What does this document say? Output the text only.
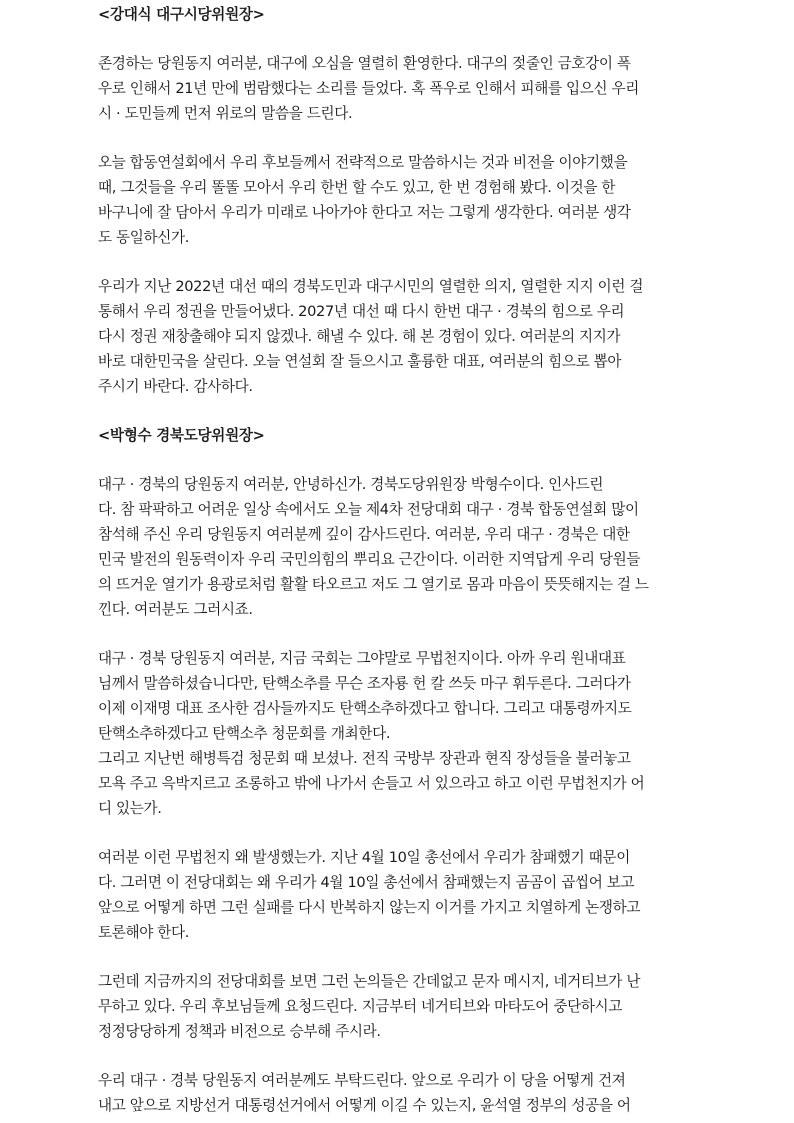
<강대식 대구시당위원장>
존경하는 당원동지 여러분, 대구에 오심을 열렬히 환영한다. 대구의 젖줄인 금호강이 폭
우로 인해서 21년 만에 범람했다는 소리를 들었다. 혹 폭우로 인해서 피해를 입으신 우리
시 · 도민들께 먼저 위로의 말씀을 드린다.
오늘 합동연설회에서 우리 후보들께서 전략적으로 말씀하시는 것과 비전을 이야기했을
때, 그것들을 우리 똘똘 모아서 우리 한번 할 수도 있고, 한 번 경험해 봤다. 이것을 한
바구니에 잘 담아서 우리가 미래로 나아가야 한다고 저는 그렇게 생각한다. 여러분 생각
도 동일하신가.
우리가 지난 2022년 대선 때의 경북도민과 대구시민의 열렬한 의지, 열렬한 지지 이런 걸
통해서 우리 정권을 만들어냈다. 2027년 대선 때 다시 한번 대구 · 경북의 힘으로 우리
다시 정권 재창출해야 되지 않겠나. 해낼 수 있다. 해 본 경험이 있다. 여러분의 지지가
바로 대한민국을 살린다. 오늘 연설회 잘 들으시고 훌륭한 대표, 여러분의 힘으로 뽑아
주시기 바란다. 감사하다.
<박형수 경북도당위원장>
대구 · 경북의 당원동지 여러분, 안녕하신가. 경북도당위원장 박형수이다. 인사드린
다. 참 팍팍하고 어려운 일상 속에서도 오늘 제4차 전당대회 대구 · 경북 합동연설회 많이
참석해 주신 우리 당원동지 여러분께 깊이 감사드린다. 여러분, 우리 대구 · 경북은 대한
민국 발전의 원동력이자 우리 국민의힘의 뿌리요 근간이다. 이러한 지역답게 우리 당원들
의 뜨거운 열기가 용광로처럼 활활 타오르고 저도 그 열기로 몸과 마음이 뜻뜻해지는 걸 느
낀다. 여러분도 그러시죠.
대구 · 경북 당원동지 여러분, 지금 국회는 그야말로 무법천지이다. 아까 우리 원내대표
님께서 말씀하셨습니다만, 탄핵소추를 무슨 조자룡 헌 칼 쓰듯 마구 휘두른다. 그러다가
이제 이재명 대표 조사한 검사들까지도 탄핵소추하겠다고 합니다. 그리고 대통령까지도
탄핵소추하겠다고 탄핵소추 청문회를 개최한다.
그리고 지난번 해병특검 청문회 때 보셨나. 전직 국방부 장관과 현직 장성들을 불러놓고
모욕 주고 윽박지르고 조롱하고 밖에 나가서 손들고 서 있으라고 하고 이런 무법천지가 어
디 있는가.
여러분 이런 무법천지 왜 발생했는가. 지난 4월 10일 총선에서 우리가 참패했기 때문이
다. 그러면 이 전당대회는 왜 우리가 4월 10일 총선에서 참패했는지 곰곰이 곱씹어 보고
앞으로 어떻게 하면 그런 실패를 다시 반복하지 않는지 이거를 가지고 치열하게 논쟁하고
토론해야 한다.
그런데 지금까지의 전당대회를 보면 그런 논의들은 간데없고 문자 메시지, 네거티브가 난
무하고 있다. 우리 후보님들께 요청드린다. 지금부터 네거티브와 마타도어 중단하시고
정정당당하게 정책과 비전으로 승부해 주시라.
우리 대구 · 경북 당원동지 여러분께도 부탁드린다. 앞으로 우리가 이 당을 어떻게 건져
내고 앞으로 지방선거 대통령선거에서 어떻게 이길 수 있는지, 윤석열 정부의 성공을 어
